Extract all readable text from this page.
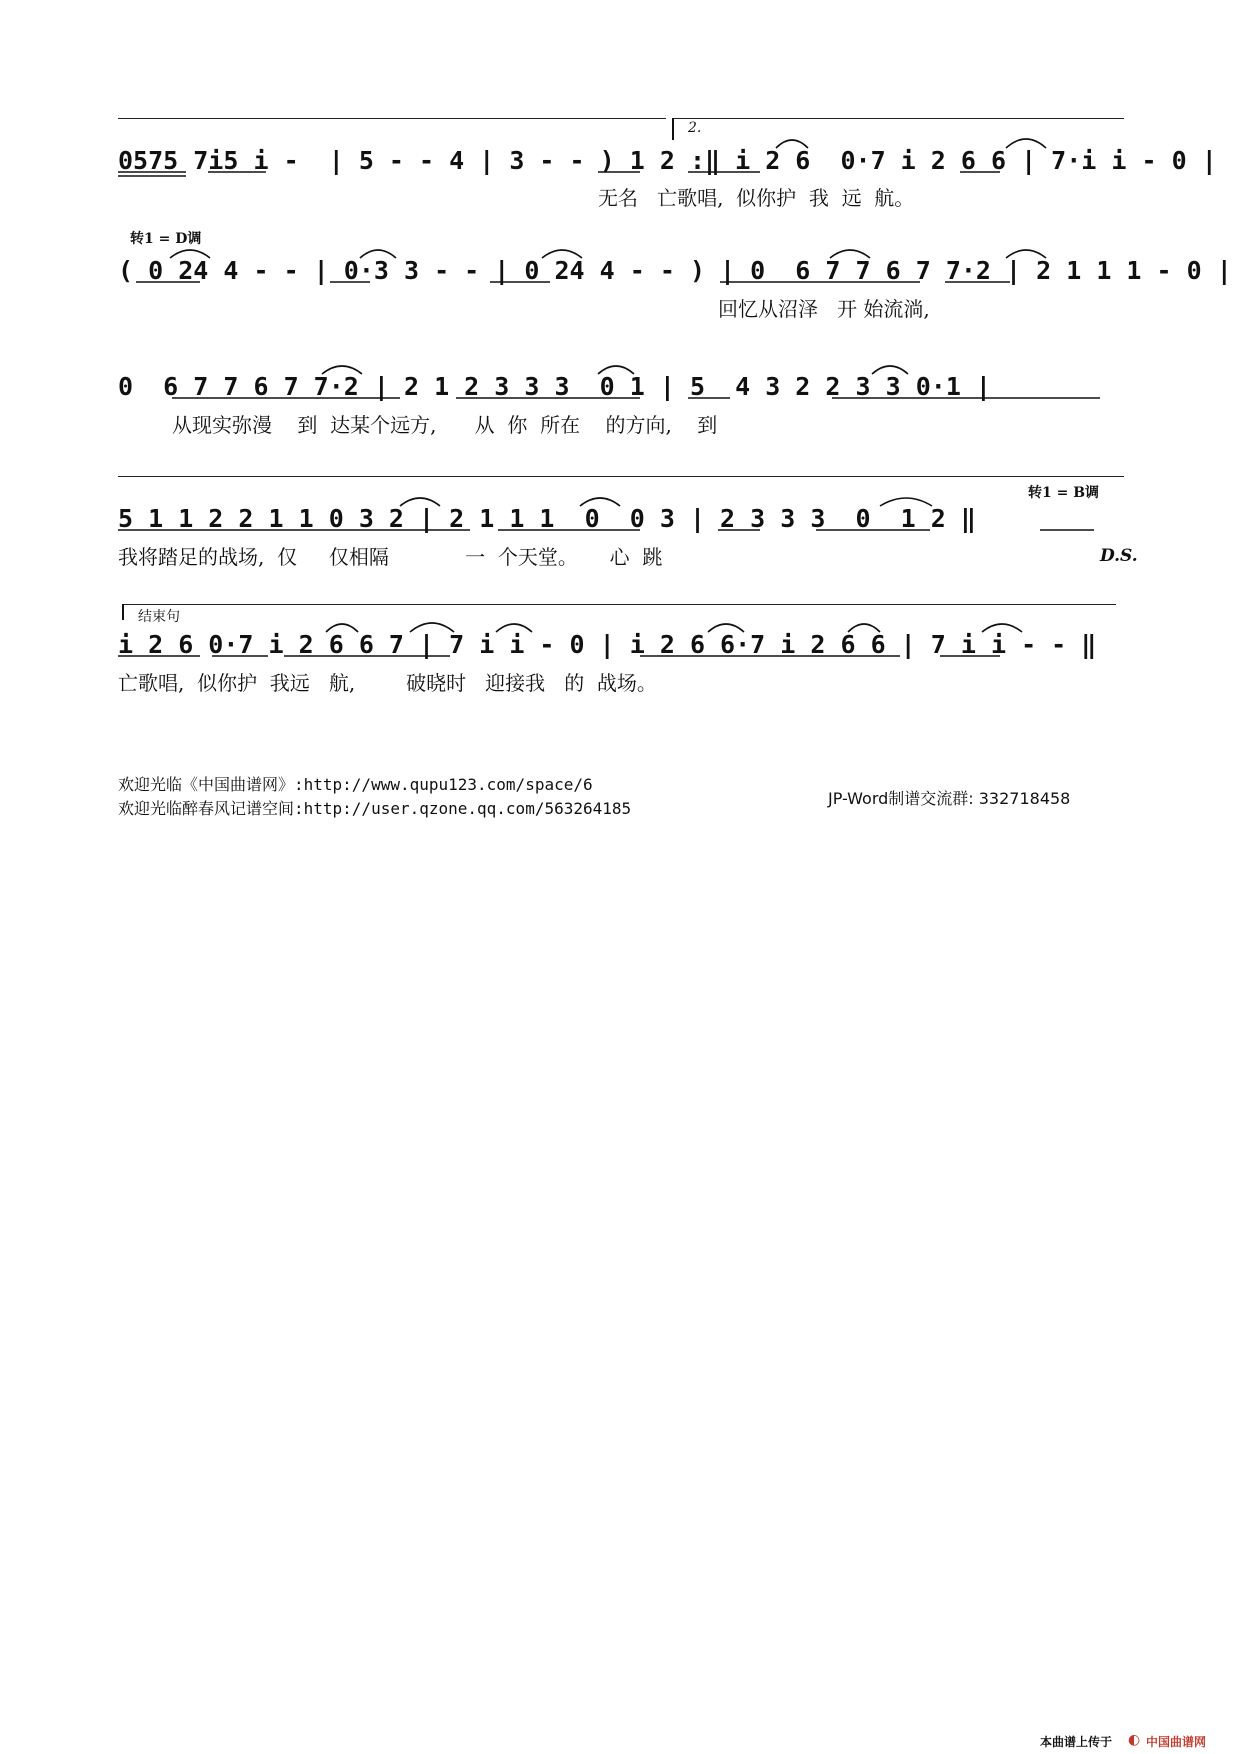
2.
0575 7i5 i -  | 5 - - 4 | 3 - - ) 1 2 :‖ i 2 6  0·7 i 2 6 6 | 7·i i - 0 |
无名   亡歌唱,  似你护  我  远  航。
转1 = D调
( 0 24 4 - - | 0·3 3 - - | 0 24 4 - - ) | 0  6 7 7 6 7 7·2 | 2 1 1 1 - 0 |
回忆从沼泽   开 始流淌,
0  6 7 7 6 7 7·2 | 2 1 2 3 3 3  0 1 | 5  4 3 2 2 3 3 0·1 |
从现实弥漫    到  达某个远方,      从  你  所在    的方向,    到
转1 = B调
5 1 1 2 2 1 1 0 3 2 | 2 1 1 1  0  0 3 | 2 3 3 3  0  1 2 ‖
我将踏足的战场,  仅     仅相隔            一  个天堂。     心  跳	D.S.
结束句
i 2 6 0·7 i 2 6 6 7 | 7 i i - 0 | i 2 6 6·7 i 2 6 6 | 7 i i - - ‖
亡歌唱,  似你护  我远   航,        破晓时   迎接我   的  战场。
欢迎光临《中国曲谱网》:http://www.qupu123.com/space/6
欢迎光临醉春风记谱空间:http://user.qzone.qq.com/563264185
JP-Word制谱交流群: 332718458
本曲谱上传于 ◐ 中国曲谱网
